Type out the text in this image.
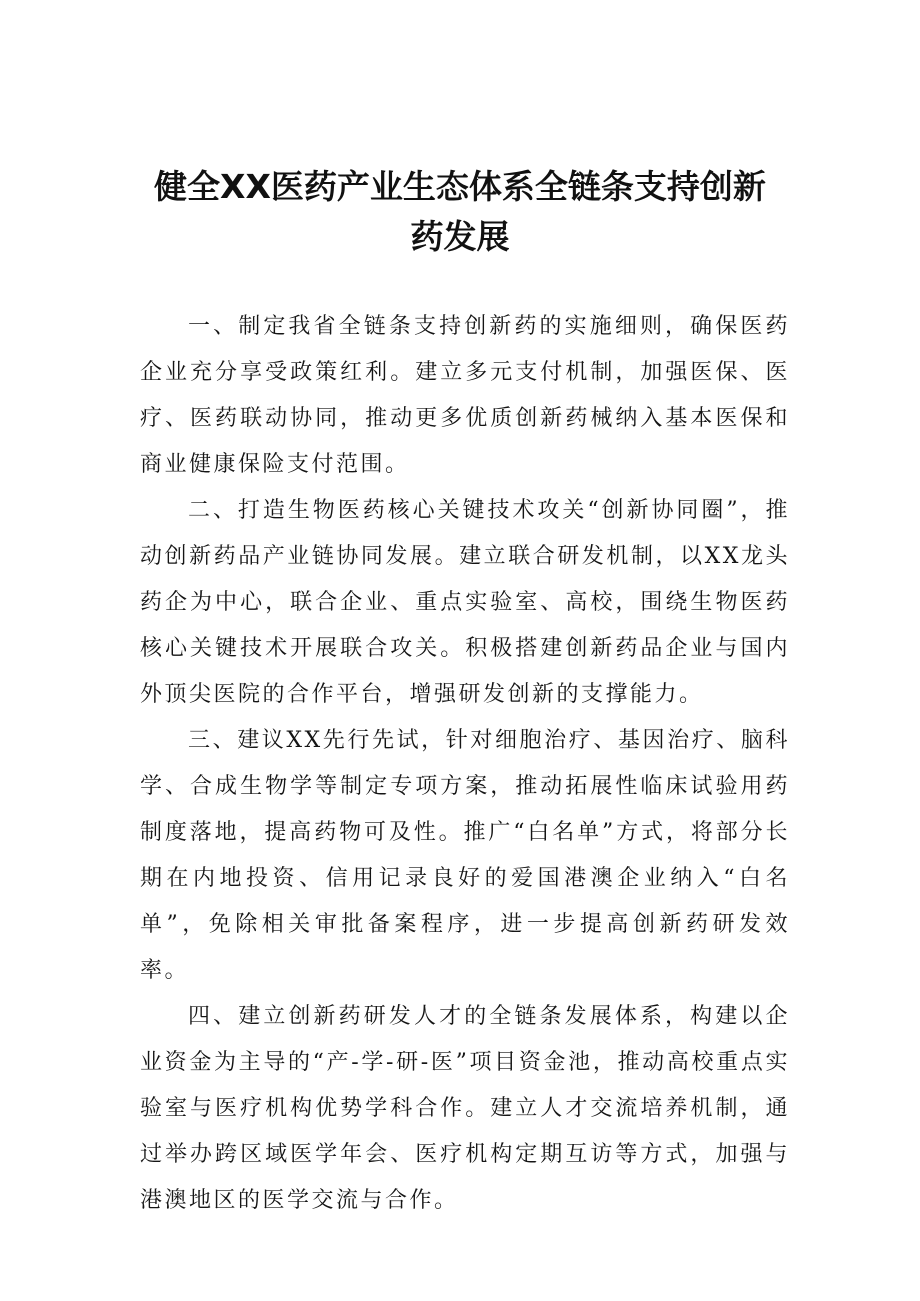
健全XX医药产业生态体系全链条支持创新
药发展

一、制定我省全链条支持创新药的实施细则，确保医药企业充分享受政策红利。建立多元支付机制，加强医保、医疗、医药联动协同，推动更多优质创新药械纳入基本医保和商业健康保险支付范围。

二、打造生物医药核心关键技术攻关“创新协同圈”，推动创新药品产业链协同发展。建立联合研发机制，以XX龙头药企为中心，联合企业、重点实验室、高校，围绕生物医药核心关键技术开展联合攻关。积极搭建创新药品企业与国内外顶尖医院的合作平台，增强研发创新的支撑能力。

三、建议XX先行先试，针对细胞治疗、基因治疗、脑科学、合成生物学等制定专项方案，推动拓展性临床试验用药制度落地，提高药物可及性。推广“白名单”方式，将部分长期在内地投资、信用记录良好的爱国港澳企业纳入“白名单”，免除相关审批备案程序，进一步提高创新药研发效率。

四、建立创新药研发人才的全链条发展体系，构建以企业资金为主导的“产-学-研-医”项目资金池，推动高校重点实验室与医疗机构优势学科合作。建立人才交流培养机制，通过举办跨区域医学年会、医疗机构定期互访等方式，加强与港澳地区的医学交流与合作。
